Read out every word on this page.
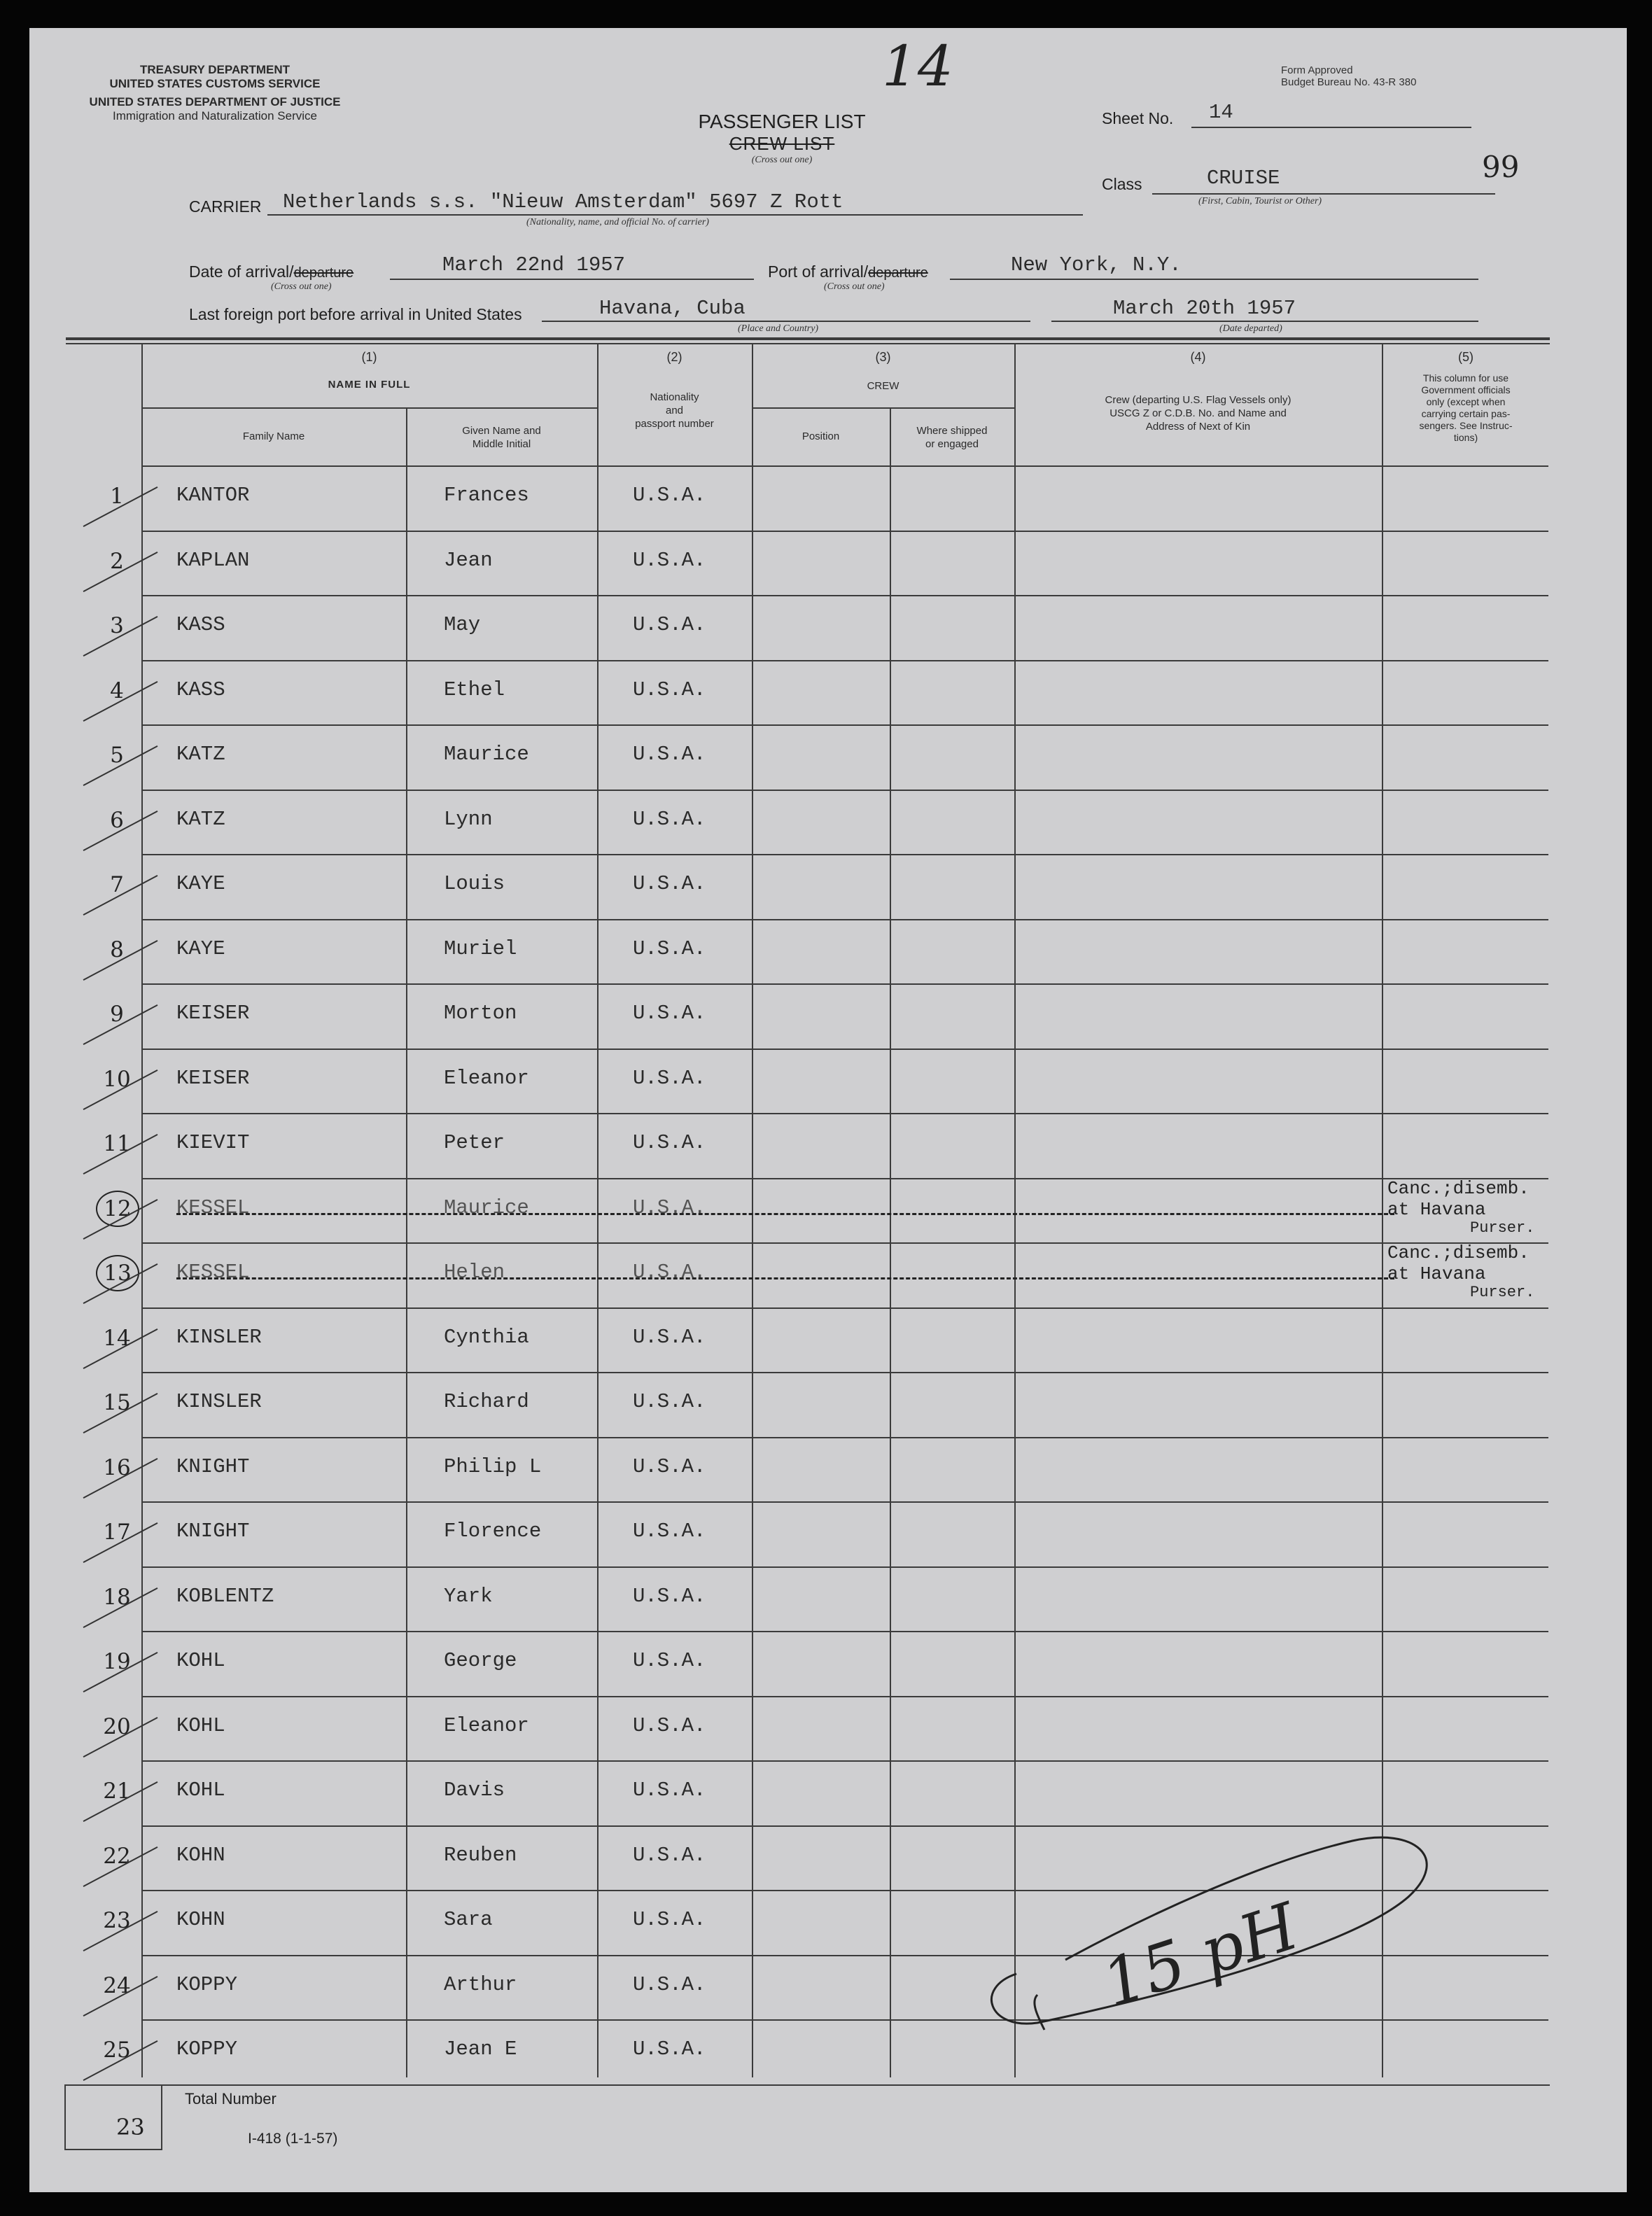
14
TREASURY DEPARTMENT
UNITED STATES CUSTOMS SERVICE
UNITED STATES DEPARTMENT OF JUSTICE
Immigration and Naturalization Service	PASSENGER LIST
CREW LIST
(Cross out one)
Form Approved
Budget Bureau No. 43-R 380
Sheet No. 14
Class	CRUISE
(First, Cabin, Tourist or Other)
99
CARRIER Netherlands s.s. "Nieuw Amsterdam" 5697 Z Rott
(Nationality, name, and official No. of carrier)
Date of arrival/departure
(Cross out one)
March 22nd 1957	Port of arrival/departure
(Cross out one)
New York, N.Y.
Last foreign port before arrival in United States	Havana, Cuba
(Place and Country)
March 20th 1957
(Date departed)
(1)
NAME IN FULL
Family Name	Given Name and
Middle Initial
(2)
Nationality
and
passport number
(3)
CREW
Position	Where shipped
or engaged
(4)
Crew (departing U.S. Flag Vessels only)
USCG Z or C.D.B. No. and Name and
Address of Next of Kin
(5)
This column for use
Government officials
only (except when
carrying certain pas-
sengers. See Instruc-
tions)
1	KANTOR	Frances	U.S.A.
2	KAPLAN	Jean	U.S.A.
3	KASS	May	U.S.A.
4	KASS	Ethel	U.S.A.
5	KATZ	Maurice	U.S.A.
6	KATZ	Lynn	U.S.A.
7	KAYE	Louis	U.S.A.
8	KAYE	Muriel	U.S.A.
9	KEISER	Morton	U.S.A.
10	KEISER	Eleanor	U.S.A.
11	KIEVIT	Peter	U.S.A.
12	KESSEL	Maurice	U.S.A.
Canc.;disemb.
at Havana
Purser.
13	KESSEL	Helen	U.S.A.
Canc.;disemb.
at Havana
Purser.
14	KINSLER	Cynthia	U.S.A.
15	KINSLER	Richard	U.S.A.
16	KNIGHT	Philip L	U.S.A.
17	KNIGHT	Florence	U.S.A.
18	KOBLENTZ	Yark	U.S.A.
19	KOHL	George	U.S.A.
20	KOHL	Eleanor	U.S.A.
21	KOHL	Davis	U.S.A.
22	KOHN	Reuben	U.S.A.
23	KOHN	Sara	U.S.A.
24	KOPPY	Arthur	U.S.A.
25	KOPPY	Jean E	U.S.A.
23
Total Number
I-418 (1-1-57)
15 pH
